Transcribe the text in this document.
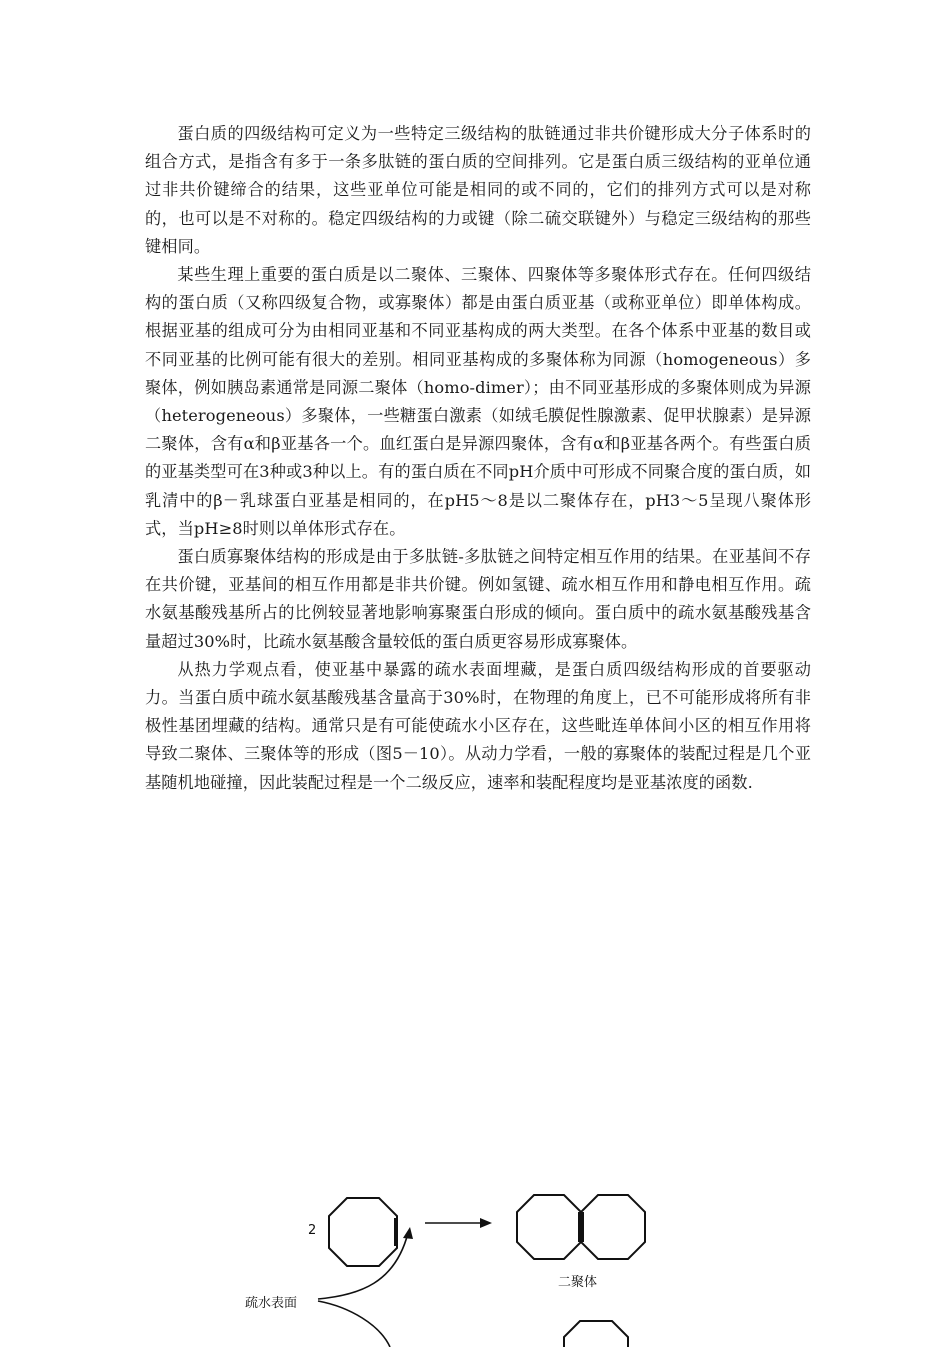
蛋白质的四级结构可定义为一些特定三级结构的肽链通过非共价键形成大分子体系时的组合方式，是指含有多于一条多肽链的蛋白质的空间排列。它是蛋白质三级结构的亚单位通过非共价键缔合的结果，这些亚单位可能是相同的或不同的，它们的排列方式可以是对称的，也可以是不对称的。稳定四级结构的力或键（除二硫交联键外）与稳定三级结构的那些键相同。

某些生理上重要的蛋白质是以二聚体、三聚体、四聚体等多聚体形式存在。任何四级结构的蛋白质（又称四级复合物，或寡聚体）都是由蛋白质亚基（或称亚单位）即单体构成。根据亚基的组成可分为由相同亚基和不同亚基构成的两大类型。在各个体系中亚基的数目或不同亚基的比例可能有很大的差别。相同亚基构成的多聚体称为同源（homogeneous）多聚体，例如胰岛素通常是同源二聚体（homo-dimer）；由不同亚基形成的多聚体则成为异源（heterogeneous）多聚体，一些糖蛋白激素（如绒毛膜促性腺激素、促甲状腺素）是异源二聚体，含有α和β亚基各一个。血红蛋白是异源四聚体，含有α和β亚基各两个。有些蛋白质的亚基类型可在3种或3种以上。有的蛋白质在不同pH介质中可形成不同聚合度的蛋白质，如乳清中的β－乳球蛋白亚基是相同的，在pH5～8是以二聚体存在，pH3～5呈现八聚体形式，当pH≥8时则以单体形式存在。

蛋白质寡聚体结构的形成是由于多肽链-多肽链之间特定相互作用的结果。在亚基间不存在共价键，亚基间的相互作用都是非共价键。例如氢键、疏水相互作用和静电相互作用。疏水氨基酸残基所占的比例较显著地影响寡聚蛋白形成的倾向。蛋白质中的疏水氨基酸残基含量超过30%时，比疏水氨基酸含量较低的蛋白质更容易形成寡聚体。

从热力学观点看，使亚基中暴露的疏水表面埋藏，是蛋白质四级结构形成的首要驱动力。当蛋白质中疏水氨基酸残基含量高于30%时，在物理的角度上，已不可能形成将所有非极性基团埋藏的结构。通常只是有可能使疏水小区存在，这些毗连单体间小区的相互作用将导致二聚体、三聚体等的形成（图5－10）。从动力学看，一般的寡聚体的装配过程是几个亚基随机地碰撞，因此装配过程是一个二级反应，速率和装配程度均是亚基浓度的函数.

2
二聚体
疏水表面
